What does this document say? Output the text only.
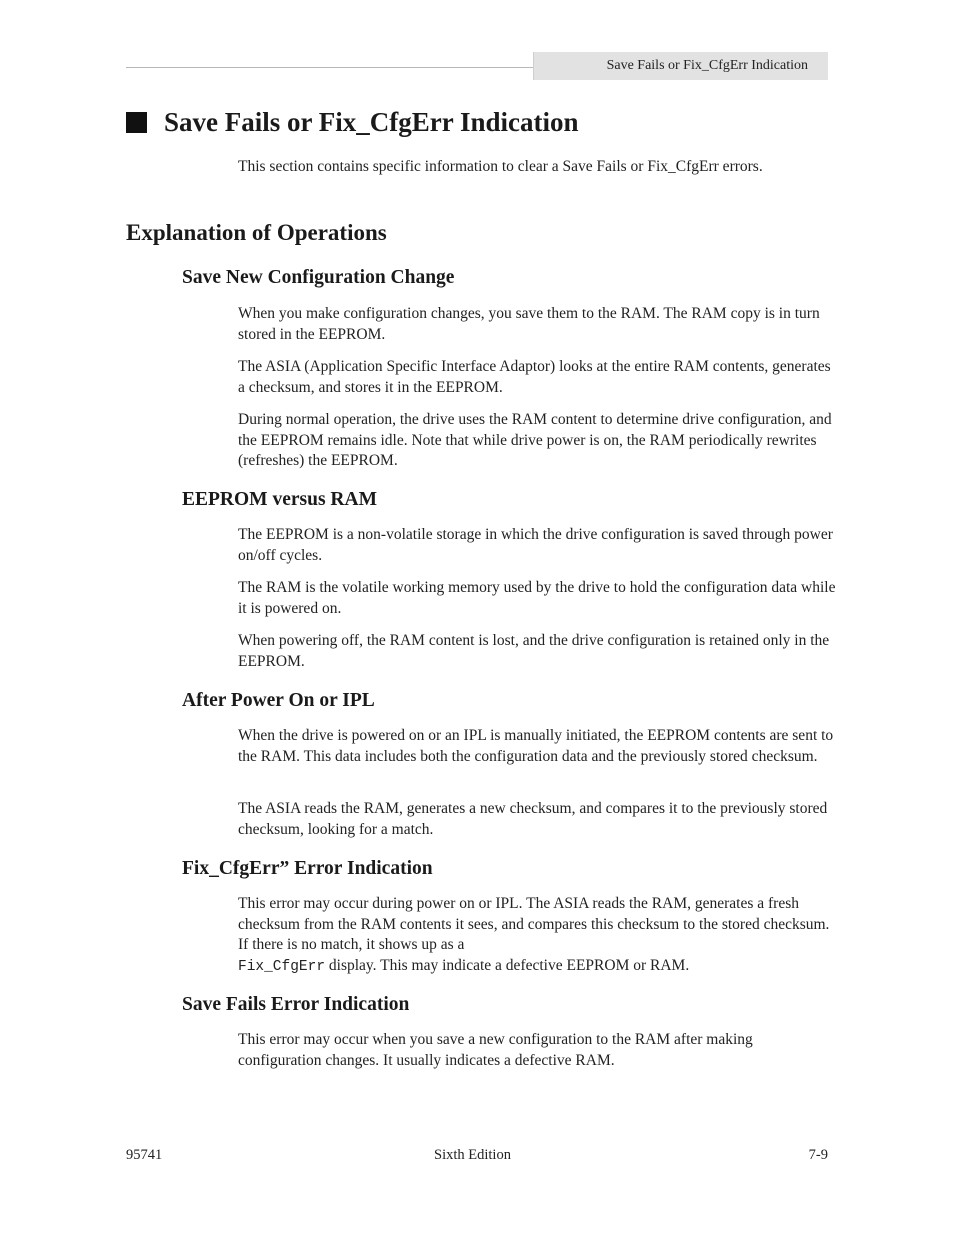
Save Fails or Fix_CfgErr Indication
Save Fails or Fix_CfgErr Indication

This section contains specific information to clear a Save Fails or Fix_CfgErr errors.

Explanation of Operations
Save New Configuration Change

When you make configuration changes, you save them to the RAM. The RAM copy is in turn stored in the EEPROM.

The ASIA (Application Specific Interface Adaptor) looks at the entire RAM contents, generates a checksum, and stores it in the EEPROM.

During normal operation, the drive uses the RAM content to determine drive configuration, and the EEPROM remains idle. Note that while drive power is on, the RAM periodically rewrites (refreshes) the EEPROM.

EEPROM versus RAM

The EEPROM is a non-volatile storage in which the drive configuration is saved through power on/off cycles.

The RAM is the volatile working memory used by the drive to hold the configuration data while it is powered on.

When powering off, the RAM content is lost, and the drive configuration is retained only in the EEPROM.

After Power On or IPL

When the drive is powered on or an IPL is manually initiated, the EEPROM contents are sent to the RAM. This data includes both the configuration data and the previously stored checksum.

The ASIA reads the RAM, generates a new checksum, and compares it to the previously stored checksum, looking for a match.

Fix_CfgErr” Error Indication

This error may occur during power on or IPL. The ASIA reads the RAM, generates a fresh checksum from the RAM contents it sees, and compares this checksum to the stored checksum. If there is no match, it shows up as a
Fix_CfgErr display. This may indicate a defective EEPROM or RAM.

Save Fails Error Indication

This error may occur when you save a new configuration to the RAM after making configuration changes. It usually indicates a defective RAM.

95741	Sixth Edition	7-9
